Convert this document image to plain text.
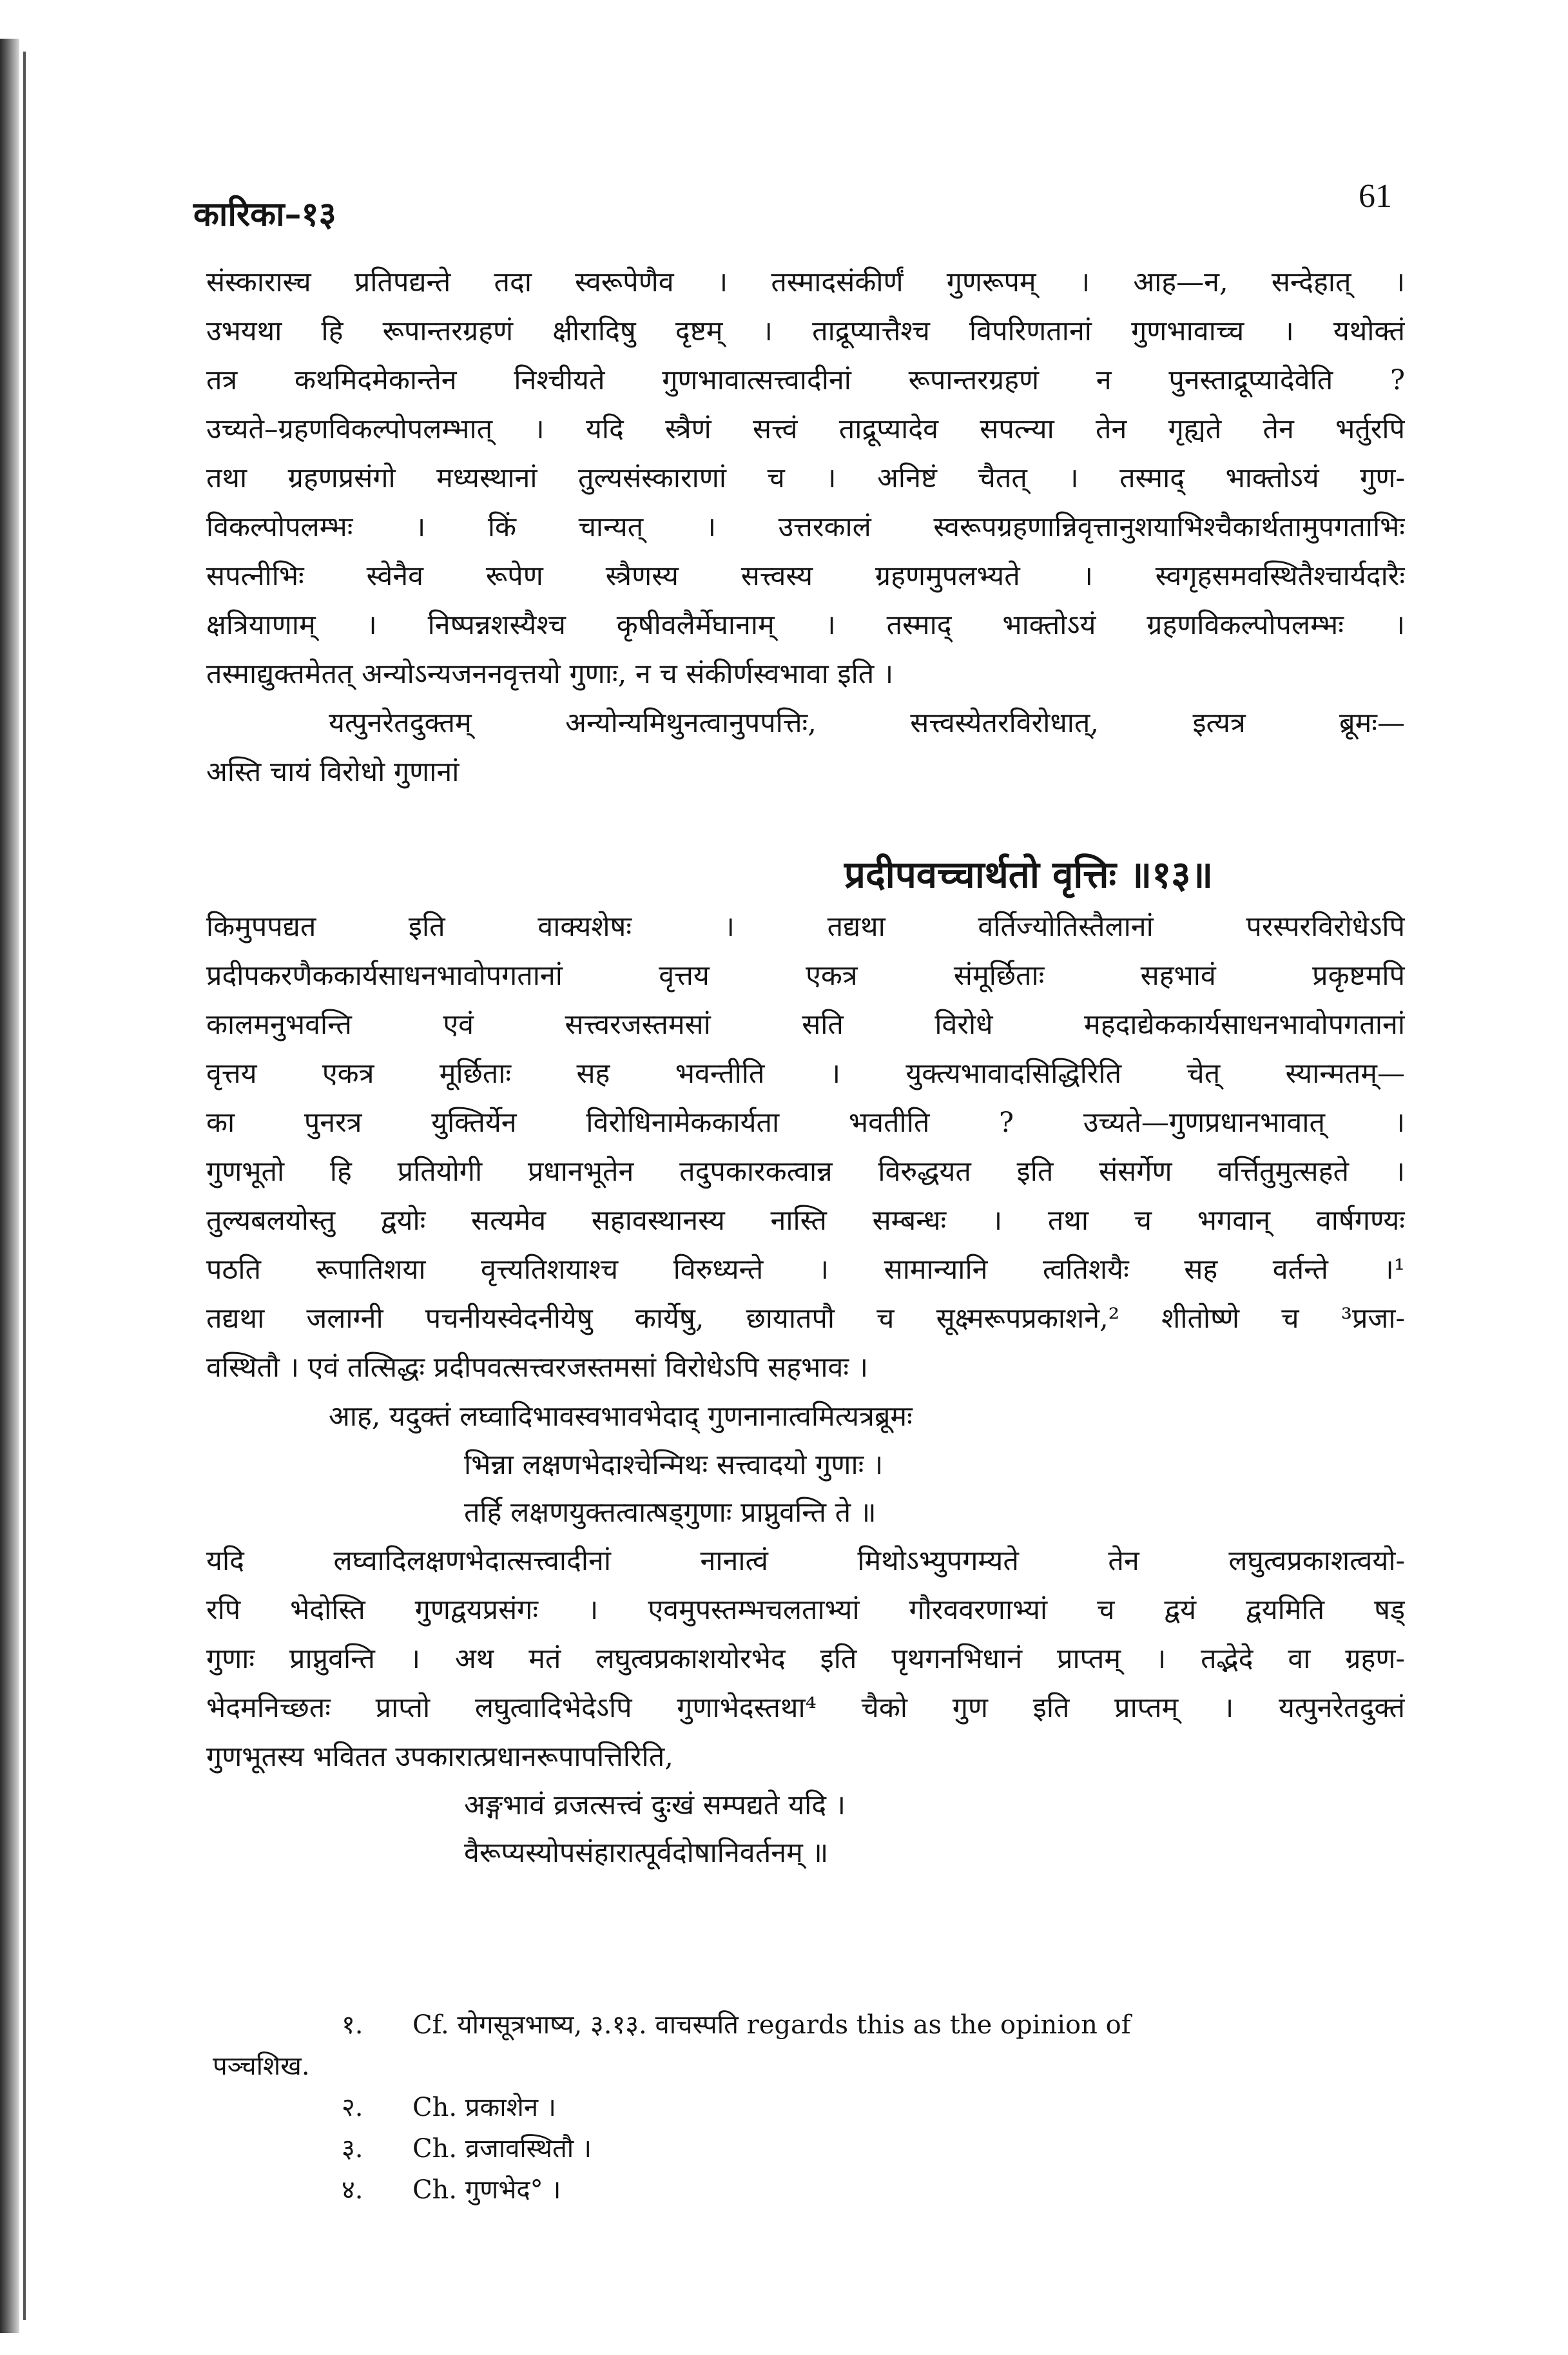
कारिका–१३	61
संस्कारास्च प्रतिपद्यन्ते तदा स्वरूपेणैव । तस्मादसंकीर्णं गुणरूपम् । आह—न, सन्देहात् ।
उभयथा हि रूपान्तरग्रहणं क्षीरादिषु दृष्टम् । ताद्रूप्यात्तैश्च विपरिणतानां गुणभावाच्च । यथोक्तं
तत्र कथमिदमेकान्तेन निश्चीयते गुणभावात्सत्त्वादीनां रूपान्तरग्रहणं न पुनस्ताद्रूप्यादेवेति ?
उच्यते–ग्रहणविकल्पोपलम्भात् । यदि स्त्रैणं सत्त्वं ताद्रूप्यादेव सपत्न्या तेन गृह्यते तेन भर्तुरपि
तथा ग्रहणप्रसंगो मध्यस्थानां तुल्यसंस्काराणां च । अनिष्टं चैतत् । तस्माद् भाक्तोऽयं गुण-
विकल्पोपलम्भः । किं चान्यत् । उत्तरकालं स्वरूपग्रहणान्निवृत्तानुशयाभिश्चैकार्थतामुपगताभिः
सपत्नीभिः स्वेनैव रूपेण स्त्रैणस्य सत्त्वस्य ग्रहणमुपलभ्यते । स्वगृहसमवस्थितैश्चार्यदारैः
क्षत्रियाणाम् । निष्पन्नशस्यैश्च कृषीवलैर्मेघानाम् । तस्माद् भाक्तोऽयं ग्रहणविकल्पोपलम्भः ।
तस्माद्युक्तमेतत् अन्योऽन्यजननवृत्तयो गुणाः, न च संकीर्णस्वभावा इति ।
यत्पुनरेतदुक्तम् अन्योन्यमिथुनत्वानुपपत्तिः, सत्त्वस्येतरविरोधात्, इत्यत्र ब्रूमः—
अस्ति चायं विरोधो गुणानां
प्रदीपवच्चार्थतो वृत्तिः ॥१३॥
किमुपपद्यत इति वाक्यशेषः । तद्यथा वर्तिज्योतिस्तैलानां परस्परविरोधेऽपि
प्रदीपकरणैककार्यसाधनभावोपगतानां वृत्तय एकत्र संमूर्छिताः सहभावं प्रकृष्टमपि
कालमनुभवन्ति एवं सत्त्वरजस्तमसां सति विरोधे महदाद्येककार्यसाधनभावोपगतानां
वृत्तय एकत्र मूर्छिताः सह भवन्तीति । युक्त्यभावादसिद्धिरिति चेत् स्यान्मतम्—
का पुनरत्र युक्तिर्येन विरोधिनामेककार्यता भवतीति ? उच्यते—गुणप्रधानभावात् ।
गुणभूतो हि प्रतियोगी प्रधानभूतेन तदुपकारकत्वान्न विरुद्धयत इति संसर्गेण वर्त्तितुमुत्सहते ।
तुल्यबलयोस्तु द्वयोः सत्यमेव सहावस्थानस्य नास्ति सम्बन्धः । तथा च भगवान् वार्षगण्यः
पठति रूपातिशया वृत्त्यतिशयाश्च विरुध्यन्ते । सामान्यानि त्वतिशयैः सह वर्तन्ते ।¹
तद्यथा जलाग्नी पचनीयस्वेदनीयेषु कार्येषु, छायातपौ च सूक्ष्मरूपप्रकाशने,² शीतोष्णे च ³प्रजा-
वस्थितौ । एवं तत्सिद्धः प्रदीपवत्सत्त्वरजस्तमसां विरोधेऽपि सहभावः ।
आह, यदुक्तं लघ्वादिभावस्वभावभेदाद् गुणनानात्वमित्यत्रब्रूमः
भिन्ना लक्षणभेदाश्चेन्मिथः सत्त्वादयो गुणाः ।
तर्हि लक्षणयुक्तत्वात्षड्गुणाः प्राप्नुवन्ति ते ॥
यदि लघ्वादिलक्षणभेदात्सत्त्वादीनां नानात्वं मिथोऽभ्युपगम्यते तेन लघुत्वप्रकाशत्वयो-
रपि भेदोस्ति गुणद्वयप्रसंगः । एवमुपस्तम्भचलताभ्यां गौरववरणाभ्यां च द्वयं द्वयमिति षड्
गुणाः प्राप्नुवन्ति । अथ मतं लघुत्वप्रकाशयोरभेद इति पृथगनभिधानं प्राप्तम् । तद्भेदे वा ग्रहण-
भेदमनिच्छतः प्राप्तो लघुत्वादिभेदेऽपि गुणाभेदस्तथा⁴ चैको गुण इति प्राप्तम् । यत्पुनरेतदुक्तं
गुणभूतस्य भवितत उपकारात्प्रधानरूपापत्तिरिति,
अङ्गभावं व्रजत्सत्त्वं दुःखं सम्पद्यते यदि ।
वैरूप्यस्योपसंहारात्पूर्वदोषानिवर्तनम् ॥
१. Cf. योगसूत्रभाष्य, ३.१३. वाचस्पति regards this as the opinion of
पञ्चशिख.
२. Ch. प्रकाशेन ।
३. Ch. व्रजावस्थितौ ।
४. Ch. गुणभेद° ।
